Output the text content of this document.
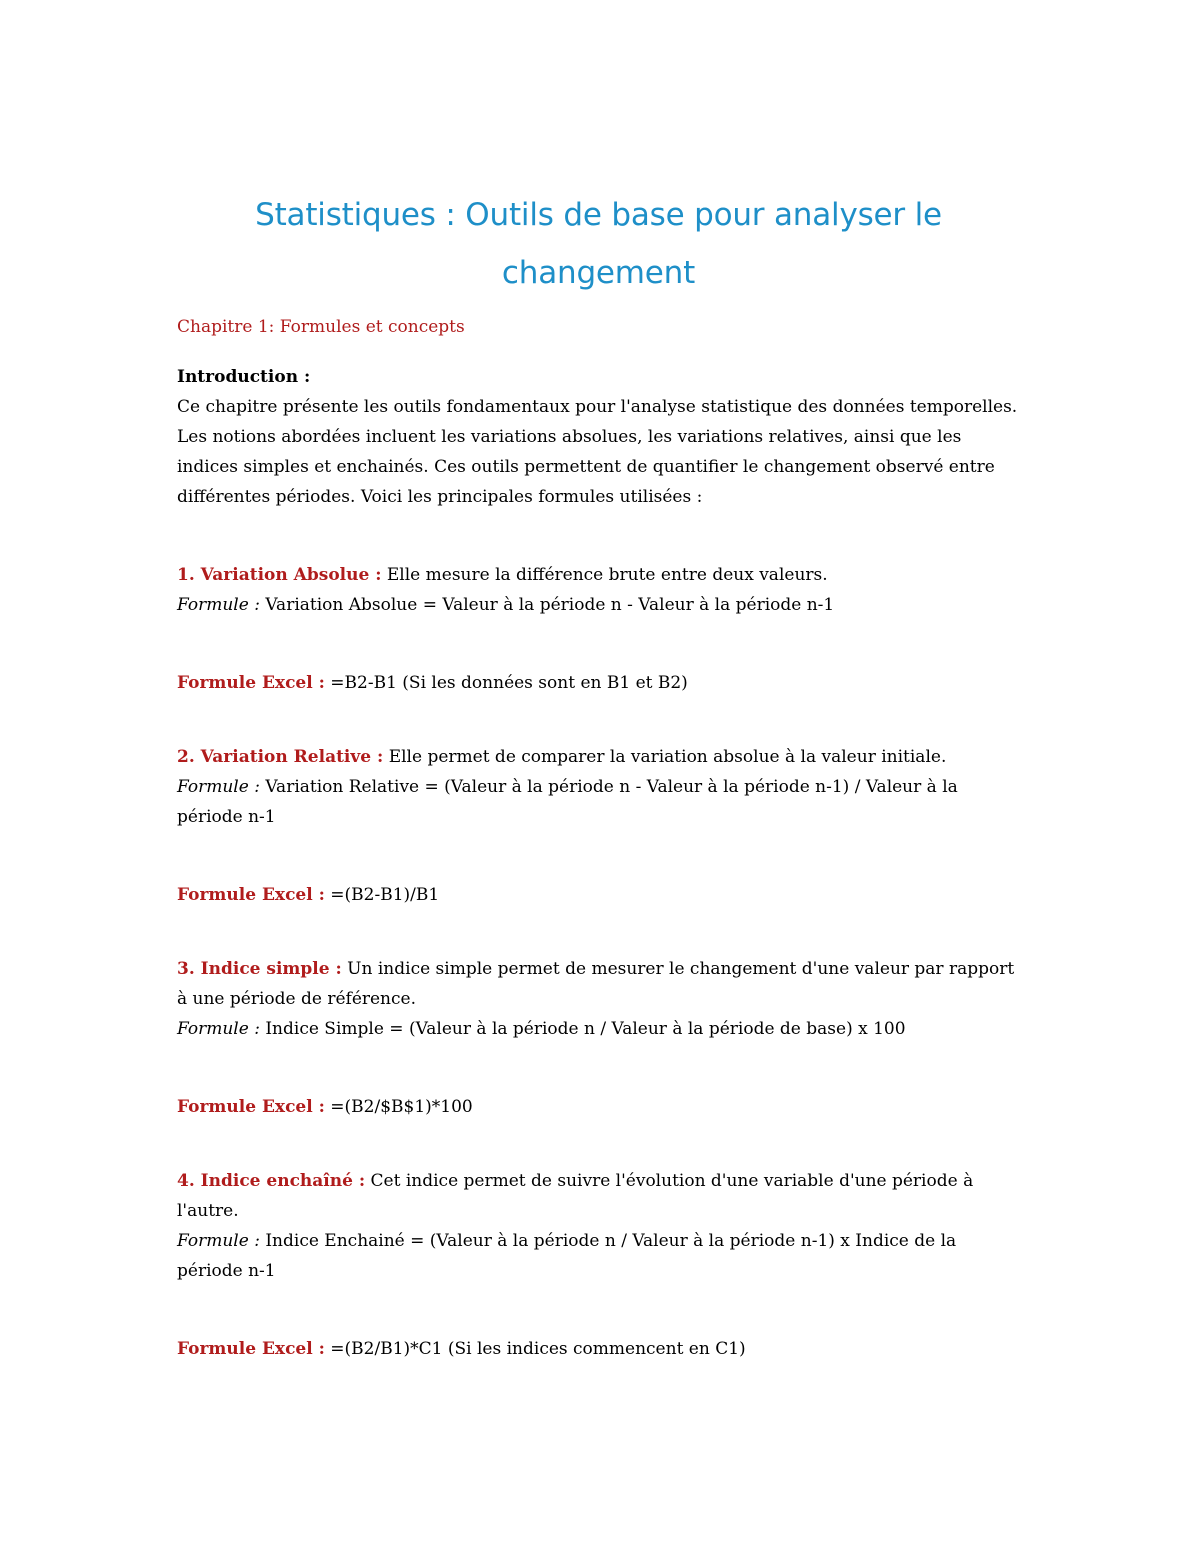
Statistiques : Outils de base pour analyser le changement

Chapitre 1: Formules et concepts

Introduction :
Ce chapitre présente les outils fondamentaux pour l'analyse statistique des données temporelles. Les notions abordées incluent les variations absolues, les variations relatives, ainsi que les indices simples et enchainés. Ces outils permettent de quantifier le changement observé entre différentes périodes. Voici les principales formules utilisées :

1. Variation Absolue : Elle mesure la différence brute entre deux valeurs.
Formule : Variation Absolue = Valeur à la période n - Valeur à la période n-1

Formule Excel : =B2-B1 (Si les données sont en B1 et B2)

2. Variation Relative : Elle permet de comparer la variation absolue à la valeur initiale.
Formule : Variation Relative = (Valeur à la période n - Valeur à la période n-1) / Valeur à la période n-1

Formule Excel : =(B2-B1)/B1

3. Indice simple : Un indice simple permet de mesurer le changement d'une valeur par rapport à une période de référence.
Formule : Indice Simple = (Valeur à la période n / Valeur à la période de base) x 100

Formule Excel : =(B2/$B$1)*100

4. Indice enchaîné : Cet indice permet de suivre l'évolution d'une variable d'une période à l'autre.
Formule : Indice Enchainé = (Valeur à la période n / Valeur à la période n-1) x Indice de la période n-1

Formule Excel : =(B2/B1)*C1 (Si les indices commencent en C1)
